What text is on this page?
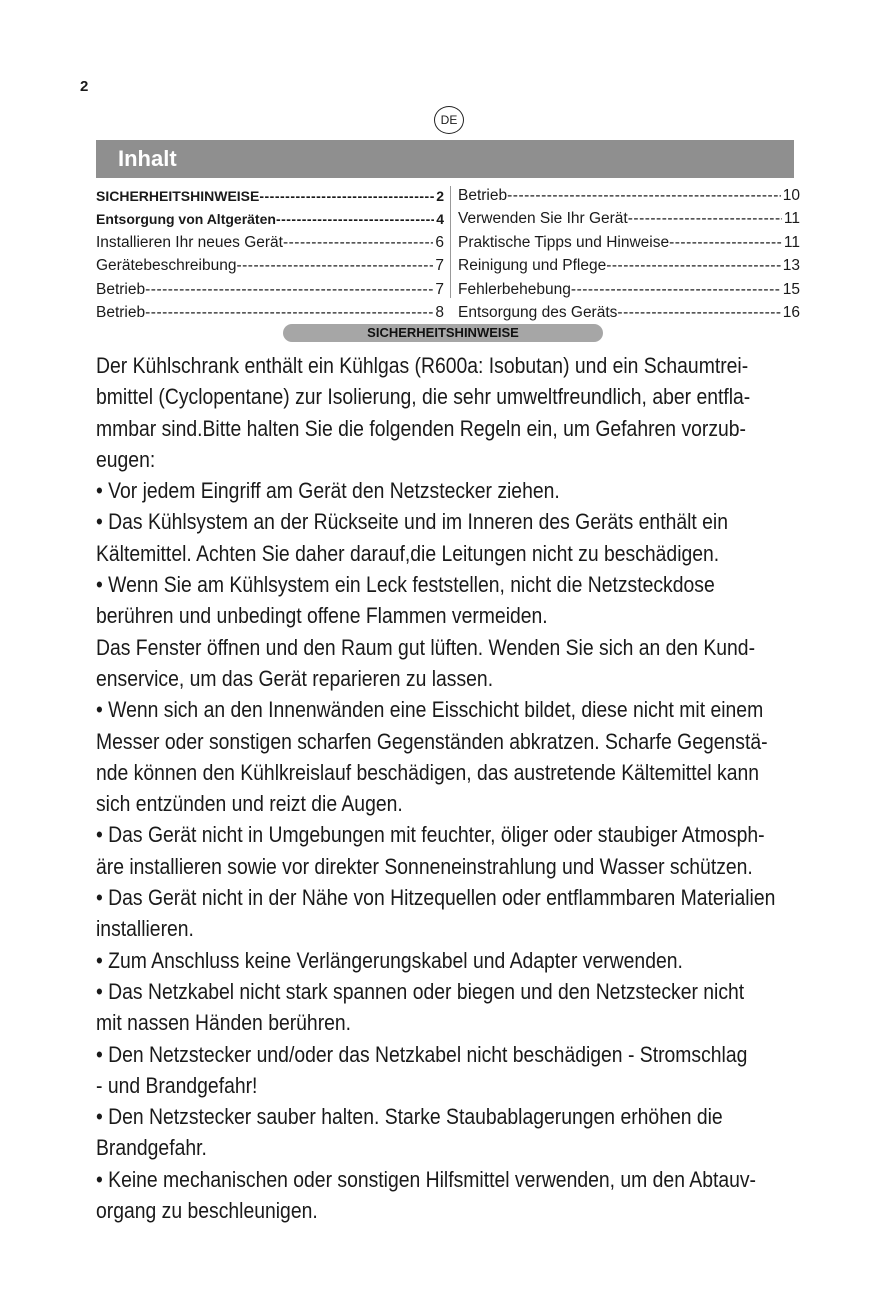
2
DE
Inhalt
SICHERHEITSHINWEISE -----	2
Entsorgung von Altgeräten -----	4
Installieren Ihr neues Gerät -----	6
Gerätebeschreibung -----	7
Betrieb -----	7
Betrieb -----	8
Betrieb -----	10
Verwenden Sie Ihr Gerät -----	11
Praktische Tipps und Hinweise -----	11
Reinigung und Pflege -----	13
Fehlerbehebung -----	15
Entsorgung des Geräts -----	16
SICHERHEITSHINWEISE

Der Kühlschrank enthält ein Kühlgas (R600a: Isobutan) und ein Schaumtrei-

bmittel (Cyclopentane) zur Isolierung, die sehr umweltfreundlich, aber entfla-

mmbar sind.Bitte halten Sie die folgenden Regeln ein, um Gefahren vorzub-

eugen:

• Vor jedem Eingriff am Gerät den Netzstecker ziehen.

• Das Kühlsystem an der Rückseite und im Inneren des Geräts enthält ein

Kältemittel. Achten Sie daher darauf,die Leitungen nicht zu beschädigen.

• Wenn Sie am Kühlsystem ein Leck feststellen, nicht die Netzsteckdose

berühren und unbedingt offene Flammen vermeiden.

Das Fenster öffnen und den Raum gut lüften. Wenden Sie sich an den Kund-

enservice, um das Gerät reparieren zu lassen.

• Wenn sich an den Innenwänden eine Eisschicht bildet, diese nicht mit einem

Messer oder sonstigen scharfen Gegenständen abkratzen. Scharfe Gegenstä-

nde können den Kühlkreislauf beschädigen, das austretende Kältemittel kann

sich entzünden und reizt die Augen.

• Das Gerät nicht in Umgebungen mit feuchter, öliger oder staubiger Atmosph-

äre installieren sowie vor direkter Sonneneinstrahlung und Wasser schützen.

• Das Gerät nicht in der Nähe von Hitzequellen oder entflammbaren Materialien

installieren.

• Zum Anschluss keine Verlängerungskabel und Adapter verwenden.

• Das Netzkabel nicht stark spannen oder biegen und den Netzstecker nicht

mit nassen Händen berühren.

• Den Netzstecker und/oder das Netzkabel nicht beschädigen - Stromschlag

- und Brandgefahr!

• Den Netzstecker sauber halten. Starke Staubablagerungen erhöhen die

Brandgefahr.

• Keine mechanischen oder sonstigen Hilfsmittel verwenden, um den Abtauv-

organg zu beschleunigen.
